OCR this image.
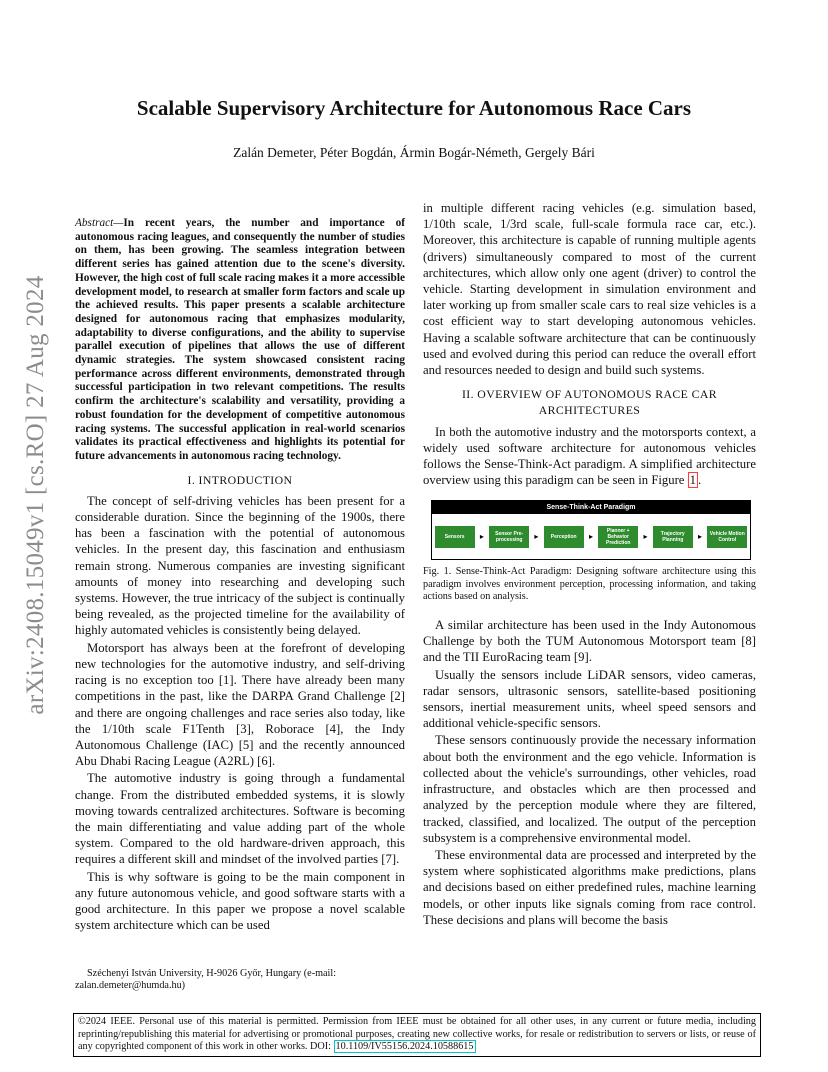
arXiv:2408.15049v1 [cs.RO] 27 Aug 2024
Scalable Supervisory Architecture for Autonomous Race Cars
Zalán Demeter, Péter Bogdán, Ármin Bogár-Németh, Gergely Bári

Abstract—In recent years, the number and importance of autonomous racing leagues, and consequently the number of studies on them, has been growing. The seamless integration between different series has gained attention due to the scene's diversity. However, the high cost of full scale racing makes it a more accessible development model, to research at smaller form factors and scale up the achieved results. This paper presents a scalable architecture designed for autonomous racing that emphasizes modularity, adaptability to diverse configurations, and the ability to supervise parallel execution of pipelines that allows the use of different dynamic strategies. The system showcased consistent racing performance across different environments, demonstrated through successful participation in two relevant competitions. The results confirm the architecture's scalability and versatility, providing a robust foundation for the development of competitive autonomous racing systems. The successful application in real-world scenarios validates its practical effectiveness and highlights its potential for future advancements in autonomous racing technology.

I. INTRODUCTION

The concept of self-driving vehicles has been present for a considerable duration. Since the beginning of the 1900s, there has been a fascination with the potential of autonomous vehicles. In the present day, this fascination and enthusiasm remain strong. Numerous companies are investing significant amounts of money into researching and developing such systems. However, the true intricacy of the subject is continually being revealed, as the projected timeline for the availability of highly automated vehicles is consistently being delayed.

Motorsport has always been at the forefront of developing new technologies for the automotive industry, and self-driving racing is no exception too [1]. There have already been many competitions in the past, like the DARPA Grand Challenge [2] and there are ongoing challenges and race series also today, like the 1/10th scale F1Tenth [3], Roborace [4], the Indy Autonomous Challenge (IAC) [5] and the recently announced Abu Dhabi Racing League (A2RL) [6].

The automotive industry is going through a fundamental change. From the distributed embedded systems, it is slowly moving towards centralized architectures. Software is becoming the main differentiating and value adding part of the whole system. Compared to the old hardware-driven approach, this requires a different skill and mindset of the involved parties [7].

This is why software is going to be the main component in any future autonomous vehicle, and good software starts with a good architecture. In this paper we propose a novel scalable system architecture which can be used

Széchenyi István University, H-9026 Győr, Hungary (e-mail: zalan.demeter@humda.hu)

in multiple different racing vehicles (e.g. simulation based, 1/10th scale, 1/3rd scale, full-scale formula race car, etc.). Moreover, this architecture is capable of running multiple agents (drivers) simultaneously compared to most of the current architectures, which allow only one agent (driver) to control the vehicle. Starting development in simulation environment and later working up from smaller scale cars to real size vehicles is a cost efficient way to start developing autonomous vehicles. Having a scalable software architecture that can be continuously used and evolved during this period can reduce the overall effort and resources needed to design and build such systems.

II. OVERVIEW OF AUTONOMOUS RACE CAR
ARCHITECTURES

In both the automotive industry and the motorsports context, a widely used software architecture for autonomous vehicles follows the Sense-Think-Act paradigm. A simplified architecture overview using this paradigm can be seen in Figure 1 .

Sense-Think-Act Paradigm
Sensors	▸	Sensor Pre-processing	▸	Perception	▸
Planner + Behavior Prediction
▸	Trajectory Planning	▸	Vehicle Motion Control
Fig. 1. Sense-Think-Act Paradigm: Designing software architecture using this paradigm involves environment perception, processing information, and taking actions based on analysis.

A similar architecture has been used in the Indy Autonomous Challenge by both the TUM Autonomous Motorsport team [8] and the TII EuroRacing team [9].

Usually the sensors include LiDAR sensors, video cameras, radar sensors, ultrasonic sensors, satellite-based positioning sensors, inertial measurement units, wheel speed sensors and additional vehicle-specific sensors.

These sensors continuously provide the necessary information about both the environment and the ego vehicle. Information is collected about the vehicle's surroundings, other vehicles, road infrastructure, and obstacles which are then processed and analyzed by the perception module where they are filtered, tracked, classified, and localized. The output of the perception subsystem is a comprehensive environmental model.

These environmental data are processed and interpreted by the system where sophisticated algorithms make predictions, plans and decisions based on either predefined rules, machine learning models, or other inputs like signals coming from race control. These decisions and plans will become the basis

©2024 IEEE. Personal use of this material is permitted. Permission from IEEE must be obtained for all other uses, in any current or future media, including reprinting/republishing this material for advertising or promotional purposes, creating new collective works, for resale or redistribution to servers or lists, or reuse of any copyrighted component of this work in other works. DOI: 10.1109/IV55156.2024.10588615
